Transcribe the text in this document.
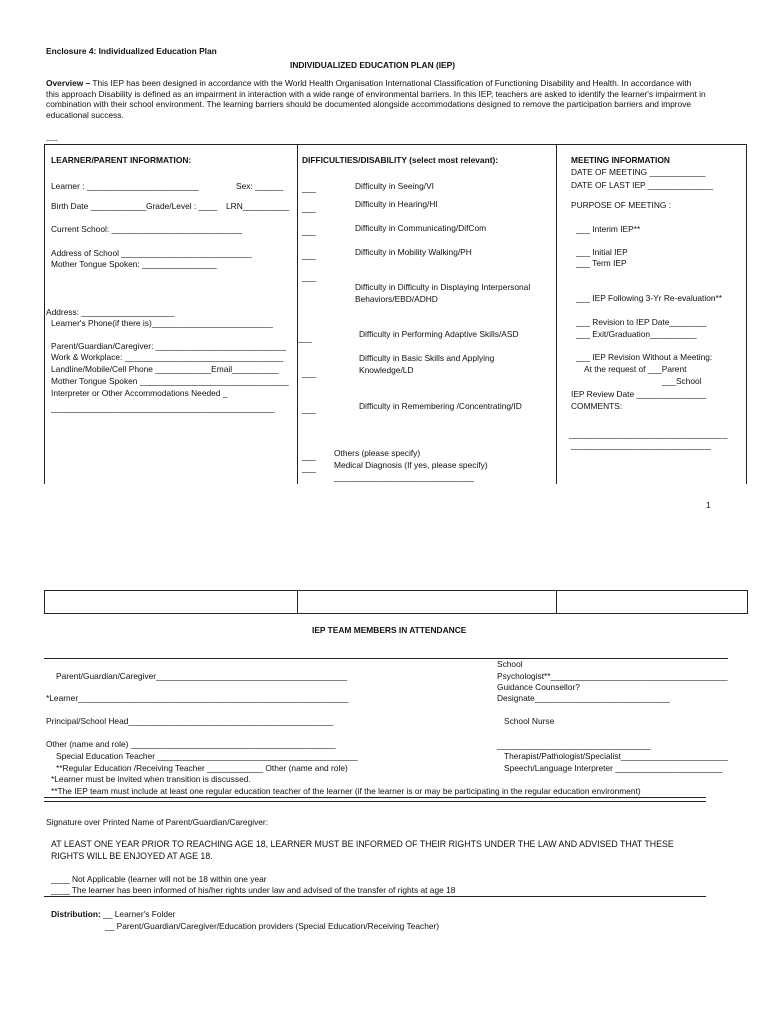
Enclosure 4: Individualized Education Plan
INDIVIDUALIZED EDUCATION PLAN (IEP)
Overview – This IEP has been designed in accordance with the World Health Organisation International Classification of Functioning Disability and Health. In accordance with this approach Disability is defined as an impairment in interaction with a wide range of environmental barriers. In this IEP, teachers are asked to identify the learner's impairment in combination with their school environment. The learning barriers should be documented alongside accommodations designed to remove the participation barriers and improve educational success.
LEARNER/PARENT INFORMATION:
Learner : ________________________	Sex: ______
Birth Date ____________ Grade/Level : ____ LRN__________
Current School: ____________________________
Address of School ____________________________
Mother Tongue Spoken: ________________
Address: ____________________
Learner's Phone(if there is)__________________________
Parent/Guardian/Caregiver: ____________________________
Work & Workplace: __________________________________
Landline/Mobile/Cell Phone ____________Email__________
Mother Tongue Spoken ________________________________
Interpreter or Other Accommodations Needed _
________________________________________________
DIFFICULTIES/DISABILITY (select most relevant):
___	Difficulty in Seeing/VI
___	Difficulty in Hearing/HI
___	Difficulty in Communicating/DifCom
___	Difficulty in Mobility Walking/PH
___
Difficulty in Difficulty in Displaying Interpersonal
Behaviors/EBD/ADHD
___	Difficulty in Performing Adaptive Skills/ASD
___
Difficulty in Basic Skills and Applying
Knowledge/LD
___	Difficulty in Remembering /Concentrating/ID
___ Others (please specify)
___ Medical Diagnosis (If yes, please specify)
______________________________
MEETING INFORMATION
DATE OF MEETING ____________
DATE OF LAST IEP ______________
PURPOSE OF MEETING :
___ Interim IEP**
___ Initial IEP
___ Term IEP
___ IEP Following 3-Yr Re-evaluation**
___ Revision to IEP Date________
___ Exit/Graduation__________
___ IEP Revision Without a Meeting:
At the request of ___Parent
___School
IEP Review Date _______________
COMMENTS:
__________________________________
______________________________
1
IEP TEAM MEMBERS IN ATTENDANCE
Parent/Guardian/Caregiver_________________________________________
*Learner__________________________________________________________
Principal/School Head____________________________________________
Other (name and role) ____________________________________________
Special Education Teacher ___________________________________________
**Regular Education /Receiving Teacher ____________ Other (name and role)
*Learner must be invited when transition is discussed.
**The IEP team must include at least one regular education teacher of the learner (if the learner is or may be participating in the regular education environment)
School
Psychologist**______________________________________
Guidance Counsellor?
Designate_____________________________
School Nurse
_________________________________
Therapist/Pathologist/Specialist_______________________
Speech/Language Interpreter _______________________
Signature over Printed Name of Parent/Guardian/Caregiver:
AT LEAST ONE YEAR PRIOR TO REACHING AGE 18, LEARNER MUST BE INFORMED OF THEIR RIGHTS UNDER THE LAW AND ADVISED THAT THESE
RIGHTS WILL BE ENJOYED AT AGE 18.
____ Not Applicable (learner will not be 18 within one year
____ The learner has been informed of his/her rights under law and advised of the transfer of rights at age 18
Distribution: __ Learner's Folder
__ Parent/Guardian/Caregiver/Education providers (Special Education/Receiving Teacher)
